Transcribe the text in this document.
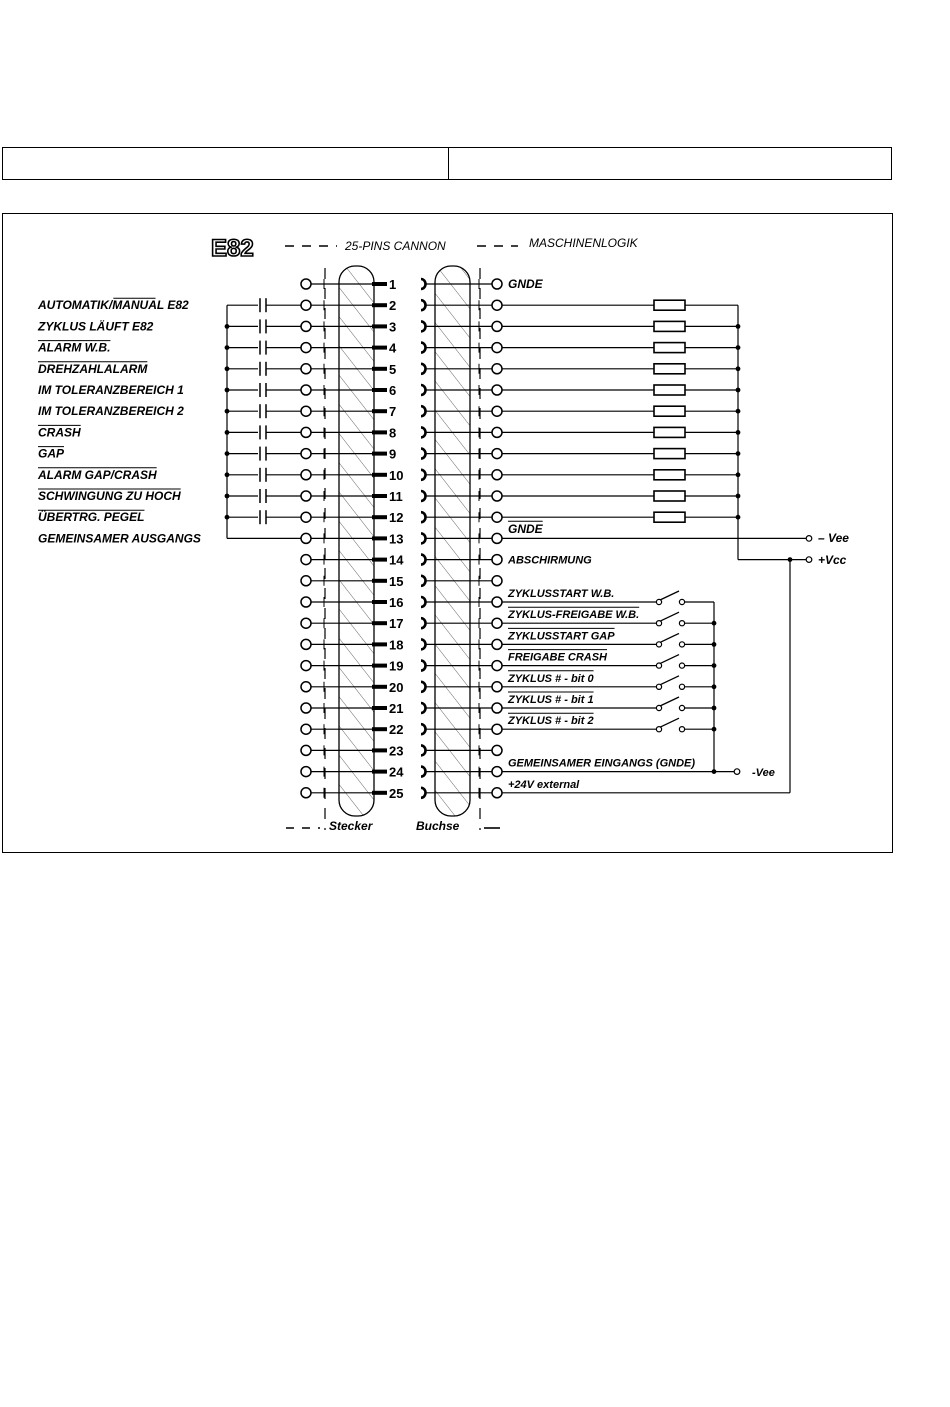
E82	25-PINS CANNON	MASCHINENLOGIK
Stecker	Buchse
– Vee
+Vcc
-Vee
1
2
3
4
5
6
7
8
9
10
11
12
13
14
15
16
17
18
19
20
21
22
23
24
25
AUTOMATIK/MANUAL E82
ZYKLUS LÄUFT E82
ALARM W.B.
DREHZAHLALARM
IM TOLERANZBEREICH 1
IM TOLERANZBEREICH 2
CRASH
GAP
ALARM GAP/CRASH
SCHWINGUNG ZU HOCH
ÜBERTRG. PEGEL
GEMEINSAMER AUSGANGS
GNDE
GNDE
ABSCHIRMUNG
ZYKLUSSTART W.B.
ZYKLUS-FREIGABE W.B.
ZYKLUSSTART GAP
FREIGABE CRASH
ZYKLUS # - bit 0
ZYKLUS # - bit 1
ZYKLUS # - bit 2
GEMEINSAMER EINGANGS (GNDE)
+24V external
